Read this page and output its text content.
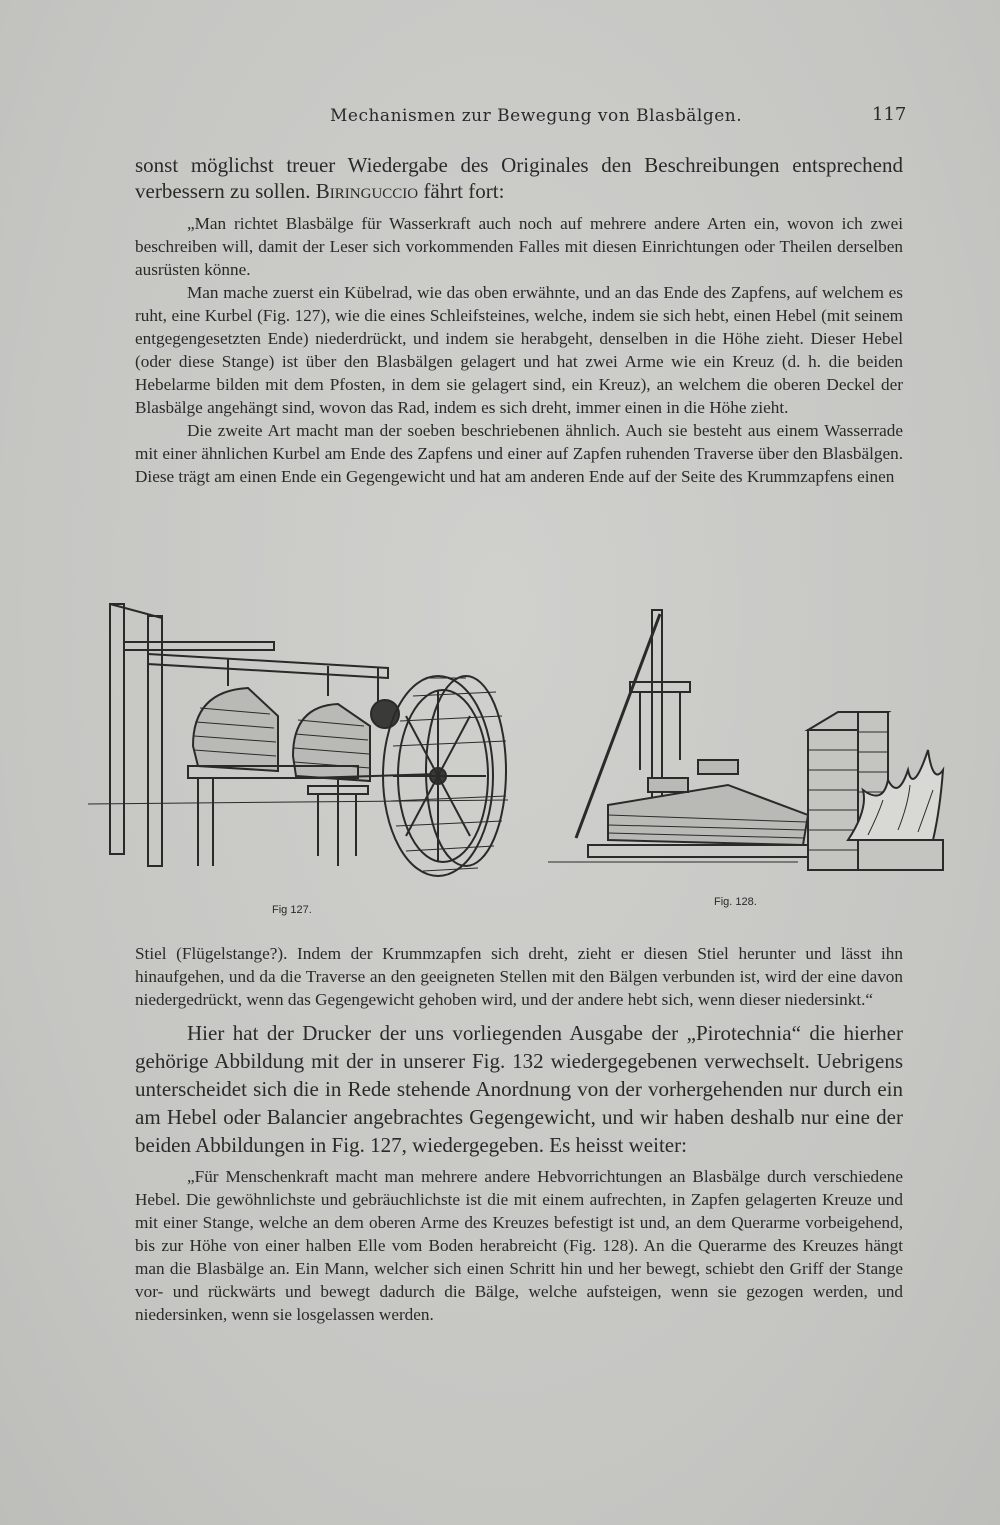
Mechanismen zur Bewegung von Blasbälgen.	117

sonst möglichst treuer Wiedergabe des Originales den Beschreibungen entsprechend verbessern zu sollen. Biringuccio fährt fort:

„Man richtet Blasbälge für Wasserkraft auch noch auf mehrere andere Arten ein, wovon ich zwei beschreiben will, damit der Leser sich vorkommenden Falles mit diesen Einrichtungen oder Theilen derselben ausrüsten könne.

Man mache zuerst ein Kübelrad, wie das oben erwähnte, und an das Ende des Zapfens, auf welchem es ruht, eine Kurbel (Fig. 127), wie die eines Schleifsteines, welche, indem sie sich hebt, einen Hebel (mit seinem entgegengesetzten Ende) niederdrückt, und indem sie herabgeht, denselben in die Höhe zieht. Dieser Hebel (oder diese Stange) ist über den Blasbälgen gelagert und hat zwei Arme wie ein Kreuz (d. h. die beiden Hebelarme bilden mit dem Pfosten, in dem sie gelagert sind, ein Kreuz), an welchem die oberen Deckel der Blasbälge angehängt sind, wovon das Rad, indem es sich dreht, immer einen in die Höhe zieht.

Die zweite Art macht man der soeben beschriebenen ähnlich. Auch sie besteht aus einem Wasserrade mit einer ähnlichen Kurbel am Ende des Zapfens und einer auf Zapfen ruhenden Traverse über den Blasbälgen. Diese trägt am einen Ende ein Gegengewicht und hat am anderen Ende auf der Seite des Krummzapfens einen

Fig 127.
Fig. 128.

Stiel (Flügelstange?). Indem der Krummzapfen sich dreht, zieht er diesen Stiel herunter und lässt ihn hinaufgehen, und da die Traverse an den geeigneten Stellen mit den Bälgen verbunden ist, wird der eine davon niedergedrückt, wenn das Gegengewicht gehoben wird, und der andere hebt sich, wenn dieser niedersinkt.“

Hier hat der Drucker der uns vorliegenden Ausgabe der „Pirotechnia“ die hierher gehörige Abbildung mit der in unserer Fig. 132 wiedergegebenen verwechselt. Uebrigens unterscheidet sich die in Rede stehende Anordnung von der vorhergehenden nur durch ein am Hebel oder Balancier angebrachtes Gegengewicht, und wir haben deshalb nur eine der beiden Abbildungen in Fig. 127, wiedergegeben. Es heisst weiter:

„Für Menschenkraft macht man mehrere andere Hebvorrichtungen an Blasbälge durch verschiedene Hebel. Die gewöhnlichste und gebräuchlichste ist die mit einem aufrechten, in Zapfen gelagerten Kreuze und mit einer Stange, welche an dem oberen Arme des Kreuzes befestigt ist und, an dem Querarme vorbeigehend, bis zur Höhe von einer halben Elle vom Boden herabreicht (Fig. 128). An die Querarme des Kreuzes hängt man die Blasbälge an. Ein Mann, welcher sich einen Schritt hin und her bewegt, schiebt den Griff der Stange vor- und rückwärts und bewegt dadurch die Bälge, welche aufsteigen, wenn sie gezogen werden, und niedersinken, wenn sie losgelassen werden.
